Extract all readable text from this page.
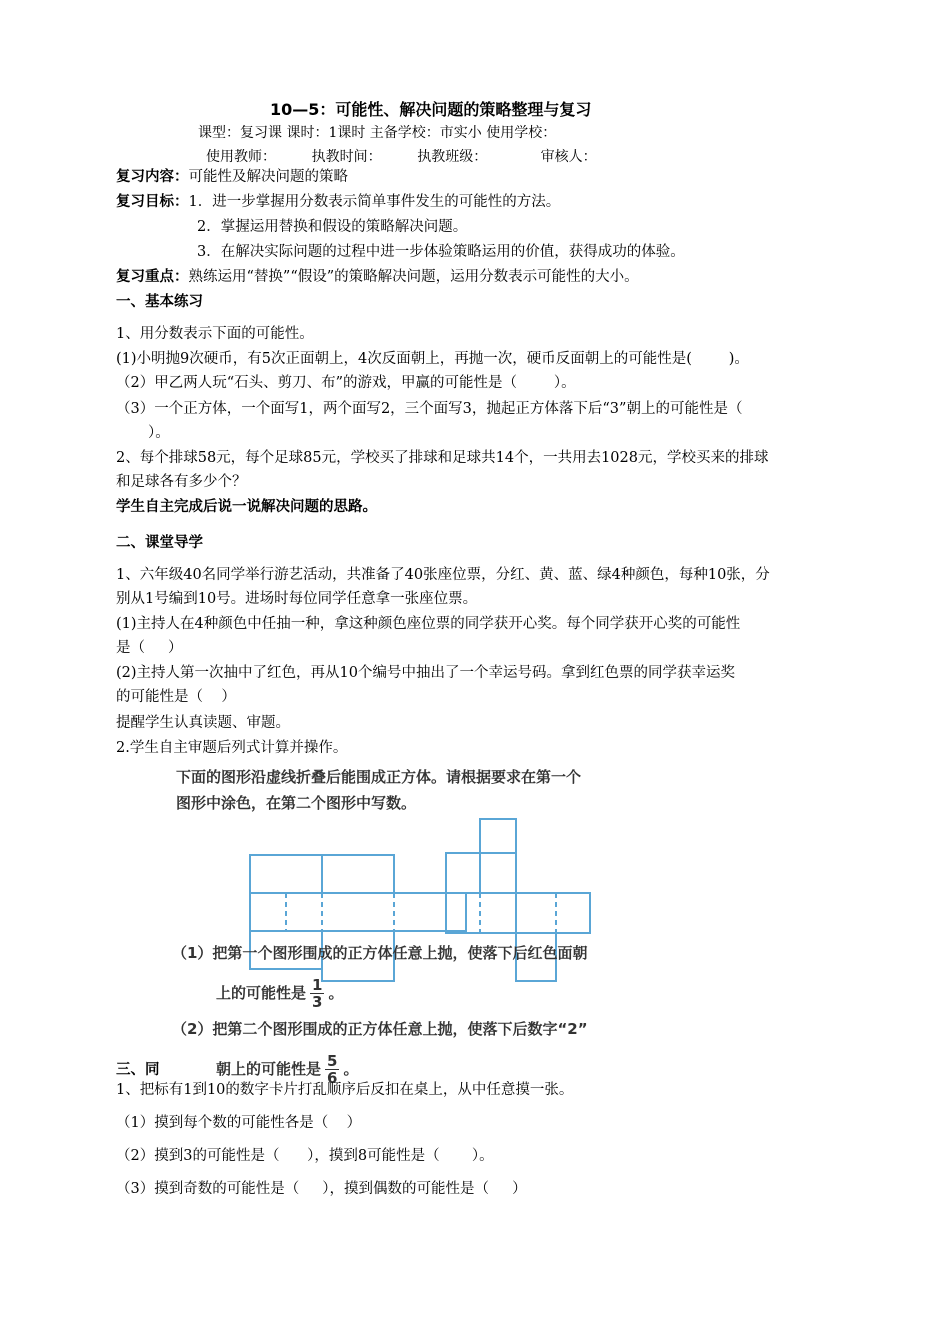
10—5：可能性、解决问题的策略整理与复习
课型：复习课 课时：1课时 主备学校：市实小 使用学校：
使用教师：        执教时间：        执教班级：            审核人：
复习内容：可能性及解决问题的策略
复习目标：1．进一步掌握用分数表示简单事件发生的可能性的方法。
2．掌握运用替换和假设的策略解决问题。
3．在解决实际问题的过程中进一步体验策略运用的价值，获得成功的体验。
复习重点：熟练运用“替换”“假设”的策略解决问题，运用分数表示可能性的大小。
一、基本练习
1、用分数表示下面的可能性。
(1)小明抛9次硬币，有5次正面朝上，4次反面朝上，再抛一次，硬币反面朝上的可能性是(        )。
（2）甲乙两人玩“石头、剪刀、布”的游戏，甲赢的可能性是（        ）。
（3）一个正方体，一个面写1，两个面写2，三个面写3，抛起正方体落下后“3”朝上的可能性是（
）。
2、每个排球58元，每个足球85元，学校买了排球和足球共14个，一共用去1028元，学校买来的排球
和足球各有多少个？
学生自主完成后说一说解决问题的思路。
二、课堂导学
1、六年级40名同学举行游艺活动，共准备了40张座位票，分红、黄、蓝、绿4种颜色，每种10张，分
别从1号编到10号。进场时每位同学任意拿一张座位票。
(1)主持人在4种颜色中任抽一种，拿这种颜色座位票的同学获开心奖。每个同学获开心奖的可能性
是（     ）
(2)主持人第一次抽中了红色，再从10个编号中抽出了一个幸运号码。拿到红色票的同学获幸运奖
的可能性是（    ）
提醒学生认真读题、审题。
2.学生自主审题后列式计算并操作。
三、同
下面的图形沿虚线折叠后能围成正方体。请根据要求在第一个
图形中涂色，在第二个图形中写数。
（1）把第一个图形围成的正方体任意上抛，使落下后红色面朝
上的可能性是 $\frac{1}{3}$ 。
（2）把第二个图形围成的正方体任意上抛，使落下后数字“2”
朝上的可能性是 $\frac{5}{6}$ 。
1、把标有1到10的数字卡片打乱顺序后反扣在桌上，从中任意摸一张。
（1）摸到每个数的可能性各是（    ）
（2）摸到3的可能性是（      ），摸到8可能性是（       ）。
（3）摸到奇数的可能性是（     ），摸到偶数的可能性是（     ）
